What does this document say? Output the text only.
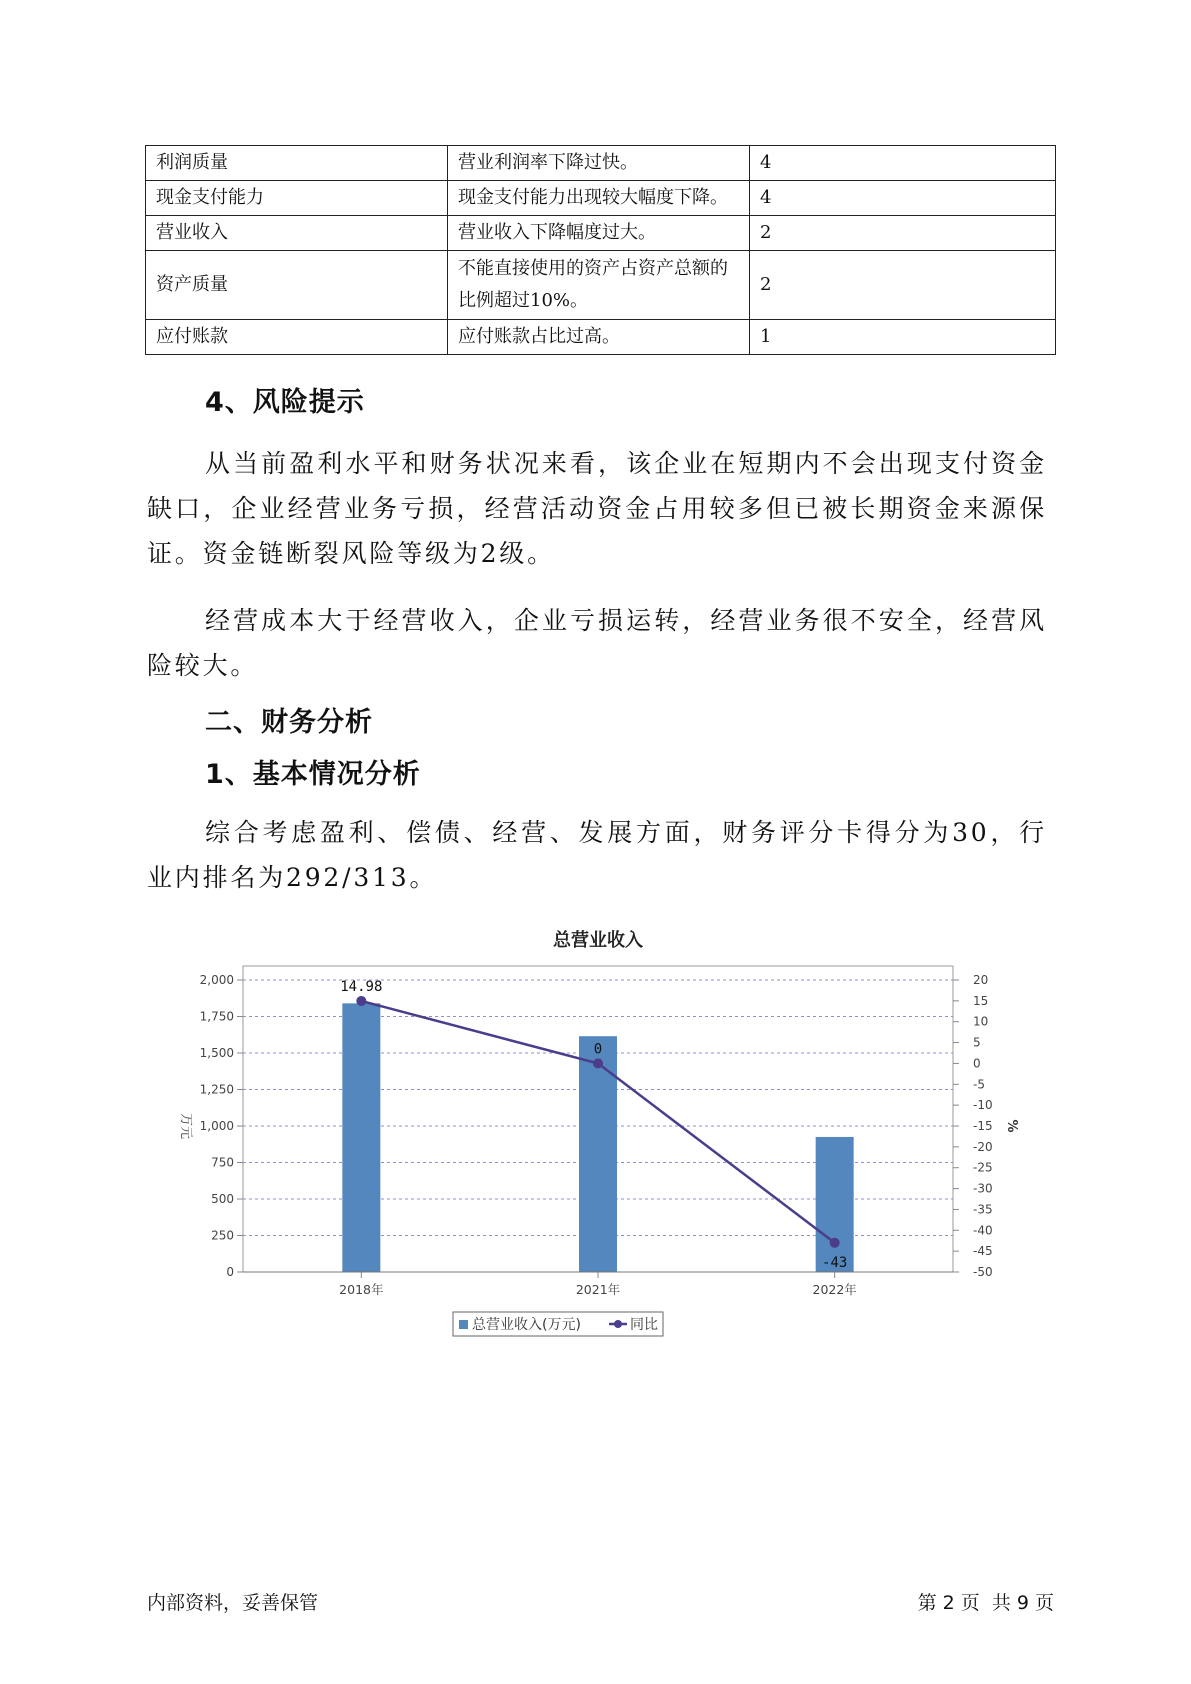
利润质量	营业利润率下降过快。	4
现金支付能力	现金支付能力出现较大幅度下降。	4
营业收入	营业收入下降幅度过大。	2
资产质量	不能直接使用的资产占资产总额的比例超过10%。	2
应付账款	应付账款占比过高。	1
4、风险提示

从当前盈利水平和财务状况来看，该企业在短期内不会出现支付资金缺口，企业经营业务亏损，经营活动资金占用较多但已被长期资金来源保证。资金链断裂风险等级为2级。

经营成本大于经营收入，企业亏损运转，经营业务很不安全，经营风险较大。

二、财务分析
1、基本情况分析

综合考虑盈利、偿债、经营、发展方面，财务评分卡得分为30，行业内排名为292/313。

总营业收入
0
250
500
750
1,000
1,250
1,500
1,750
2,000	20
15
10
5
0
-5
-10
-15
-20
-25
-30
-35
-40
-45
-50
万元	%
2018年	2021年	2022年
14.98
0
-43
总营业收入(万元)	同比
内部资料，妥善保管	第 2 页  共 9 页
